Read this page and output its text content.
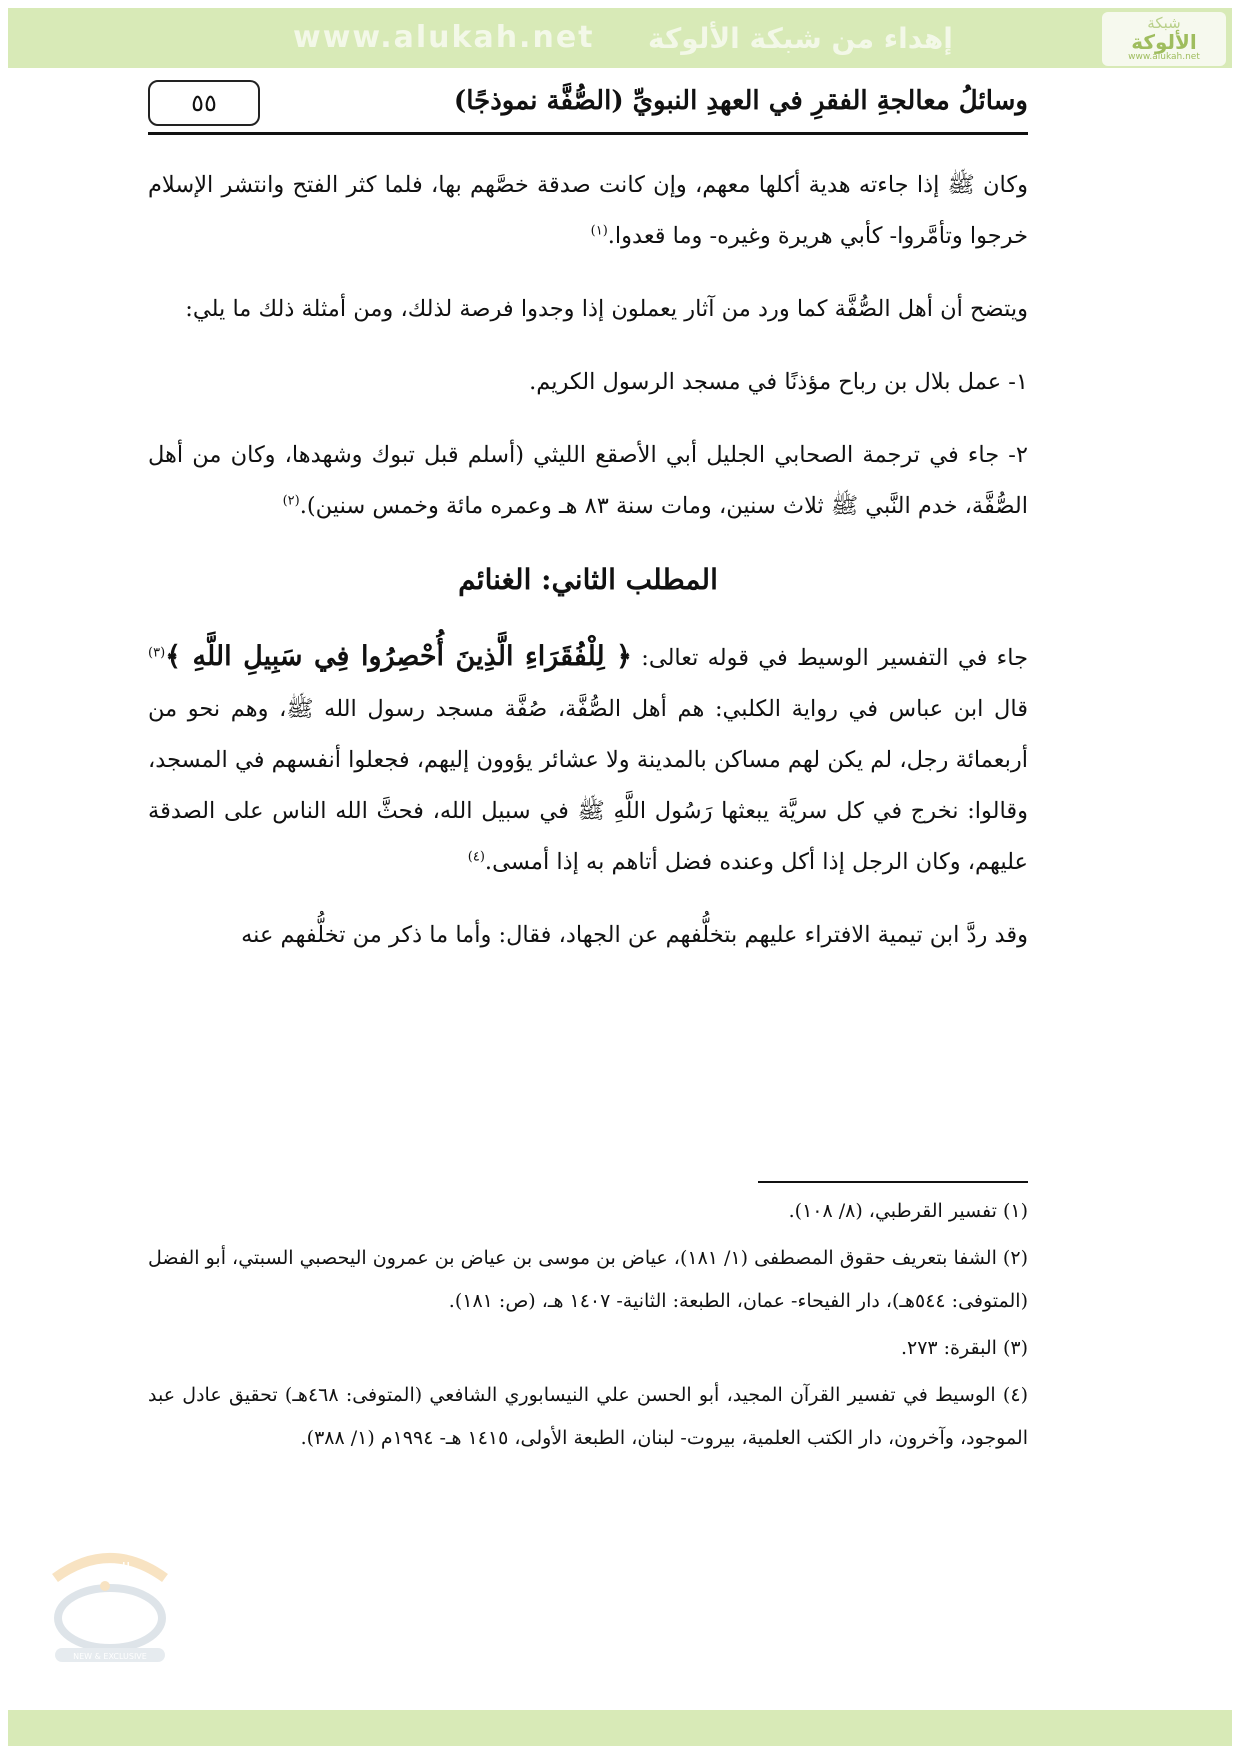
www.alukah.net إهداء من شبكة الألوكة	شبكة
الألوكة
www.alukah.net
٥٥	وسائلُ معالجةِ الفقرِ في العهدِ النبويِّ (الصُّفَّة نموذجًا)

وكان ﷺ إذا جاءته هدية أكلها معهم، وإن كانت صدقة خصَّهم بها، فلما كثر الفتح وانتشر الإسلام خرجوا وتأمَّروا- كأبي هريرة وغيره- وما قعدوا.$^{(١)}$

ويتضح أن أهل الصُّفَّة كما ورد من آثار يعملون إذا وجدوا فرصة لذلك، ومن أمثلة ذلك ما يلي:

١- عمل بلال بن رباح مؤذنًا في مسجد الرسول الكريم.

٢- جاء في ترجمة الصحابي الجليل أبي الأصقع الليثي (أسلم قبل تبوك وشهدها، وكان من أهل الصُّفَّة، خدم النَّبي ﷺ ثلاث سنين، ومات سنة ٨٣ هـ وعمره مائة وخمس سنين).$^{(٢)}$

المطلب الثاني: الغنائم

جاء في التفسير الوسيط في قوله تعالى: ﴿ لِلْفُقَرَاءِ الَّذِينَ أُحْصِرُوا فِي سَبِيلِ اللَّهِ ﴾$^{(٣)}$ قال ابن عباس في رواية الكلبي: هم أهل الصُّفَّة، صُفَّة مسجد رسول الله ﷺ، وهم نحو من أربعمائة رجل، لم يكن لهم مساكن بالمدينة ولا عشائر يؤوون إليهم، فجعلوا أنفسهم في المسجد، وقالوا: نخرج في كل سريَّة يبعثها رَسُول اللَّهِ ﷺ في سبيل الله، فحثَّ الله الناس على الصدقة عليهم، وكان الرجل إذا أكل وعنده فضل أتاهم به إذا أمسى.$^{(٤)}$

وقد ردَّ ابن تيمية الافتراء عليهم بتخلُّفهم عن الجهاد، فقال: وأما ما ذكر من تخلُّفهم عنه

(١) تفسير القرطبي، (٨/ ١٠٨).

(٢) الشفا بتعريف حقوق المصطفى (١/ ١٨١)، عياض بن موسى بن عياض بن عمرون اليحصبي السبتي، أبو الفضل (المتوفى: ٥٤٤هـ)، دار الفيحاء- عمان، الطبعة: الثانية- ١٤٠٧ هـ، (ص: ١٨١).

(٣) البقرة: ٢٧٣.

(٤) الوسيط في تفسير القرآن المجيد، أبو الحسن علي النيسابوري الشافعي (المتوفى: ٤٦٨هـ) تحقيق عادل عبد الموجود، وآخرون، دار الكتب العلمية، بيروت- لبنان، الطبعة الأولى، ١٤١٥ هـ- ١٩٩٤م (١/ ٣٨٨).

الجديد
NEW & EXCLUSIVE
